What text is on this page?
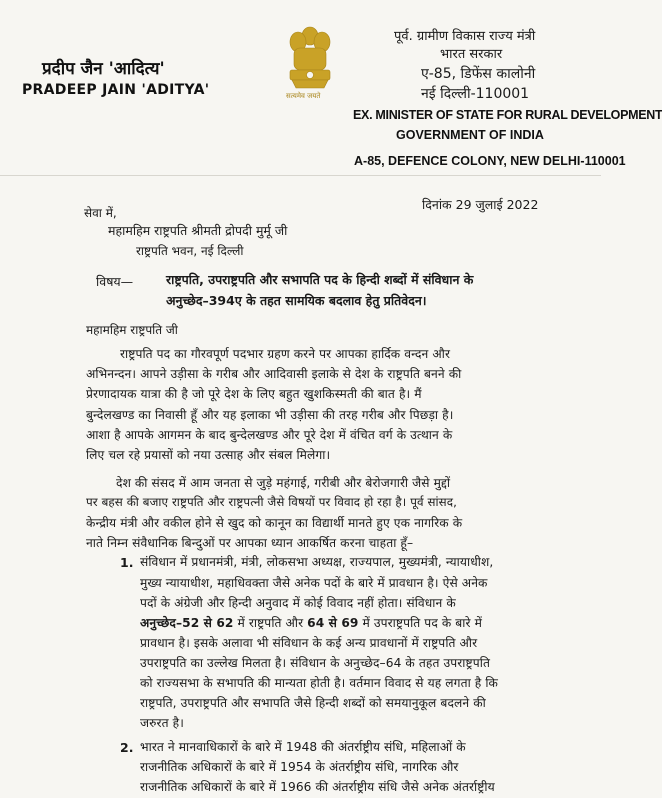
प्रदीप जैन 'आदित्य'
PRADEEP JAIN 'ADITYA'	सत्यमेव जयते
पूर्व. ग्रामीण विकास राज्य मंत्री
भारत सरकार
ए-85, डिफेंस कालोनी
नई दिल्ली-110001
EX. MINISTER OF STATE FOR RURAL DEVELOPMENT
GOVERNMENT OF INDIA
A-85, DEFENCE COLONY, NEW DELHI-110001
दिनांक 29 जुलाई 2022
सेवा में,
महामहिम राष्ट्रपति श्रीमती द्रोपदी मुर्मू जी
राष्ट्रपति भवन, नई दिल्ली
विषय—	राष्ट्रपति, उपराष्ट्रपति और सभापति पद के हिन्दी शब्दों में संविधान के
अनुच्छेद–394ए के तहत सामयिक बदलाव हेतु प्रतिवेदन।
महामहिम राष्ट्रपति जी
राष्ट्रपति पद का गौरवपूर्ण पदभार ग्रहण करने पर आपका हार्दिक वन्दन और
अभिनन्दन। आपने उड़ीसा के गरीब और आदिवासी इलाके से देश के राष्ट्रपति बनने की
प्रेरणादायक यात्रा की है जो पूरे देश के लिए बहुत खुशकिस्मती की बात है। मैं
बुन्देलखण्ड का निवासी हूँ और यह इलाका भी उड़ीसा की तरह गरीब और पिछड़ा है।
आशा है आपके आगमन के बाद बुन्देलखण्ड और पूरे देश में वंचित वर्ग के उत्थान के
लिए चल रहे प्रयासों को नया उत्साह और संबल मिलेगा।
देश की संसद में आम जनता से जुड़े महंगाई, गरीबी और बेरोजगारी जैसे मुद्दों
पर बहस की बजाए राष्ट्रपति और राष्ट्रपत्नी जैसे विषयों पर विवाद हो रहा है। पूर्व सांसद,
केन्द्रीय मंत्री और वकील होने से खुद को कानून का विद्यार्थी मानते हुए एक नागरिक के
नाते निम्न संवैधानिक बिन्दुओं पर आपका ध्यान आकर्षित करना चाहता हूँ–
1. संविधान में प्रधानमंत्री, मंत्री, लोकसभा अध्यक्ष, राज्यपाल, मुख्यमंत्री, न्यायाधीश,
मुख्य न्यायाधीश, महाधिवक्ता जैसे अनेक पदों के बारे में प्रावधान है। ऐसे अनेक
पदों के अंग्रेजी और हिन्दी अनुवाद में कोई विवाद नहीं होता। संविधान के
अनुच्छेद–52 से 62 में राष्ट्रपति और 64 से 69 में उपराष्ट्रपति पद के बारे में
प्रावधान है। इसके अलावा भी संविधान के कई अन्य प्रावधानों में राष्ट्रपति और
उपराष्ट्रपति का उल्लेख मिलता है। संविधान के अनुच्छेद–64 के तहत उपराष्ट्रपति
को राज्यसभा के सभापति की मान्यता होती है। वर्तमान विवाद से यह लगता है कि
राष्ट्रपति, उपराष्ट्रपति और सभापति जैसे हिन्दी शब्दों को समयानुकूल बदलने की
जरुरत है।
2. भारत ने मानवाधिकारों के बारे में 1948 की अंतर्राष्ट्रीय संधि, महिलाओं के
राजनीतिक अधिकारों के बारे में 1954 के अंतर्राष्ट्रीय संधि, नागरिक और
राजनीतिक अधिकारों के बारे में 1966 की अंतर्राष्ट्रीय संधि जैसे अनेक अंतर्राष्ट्रीय
